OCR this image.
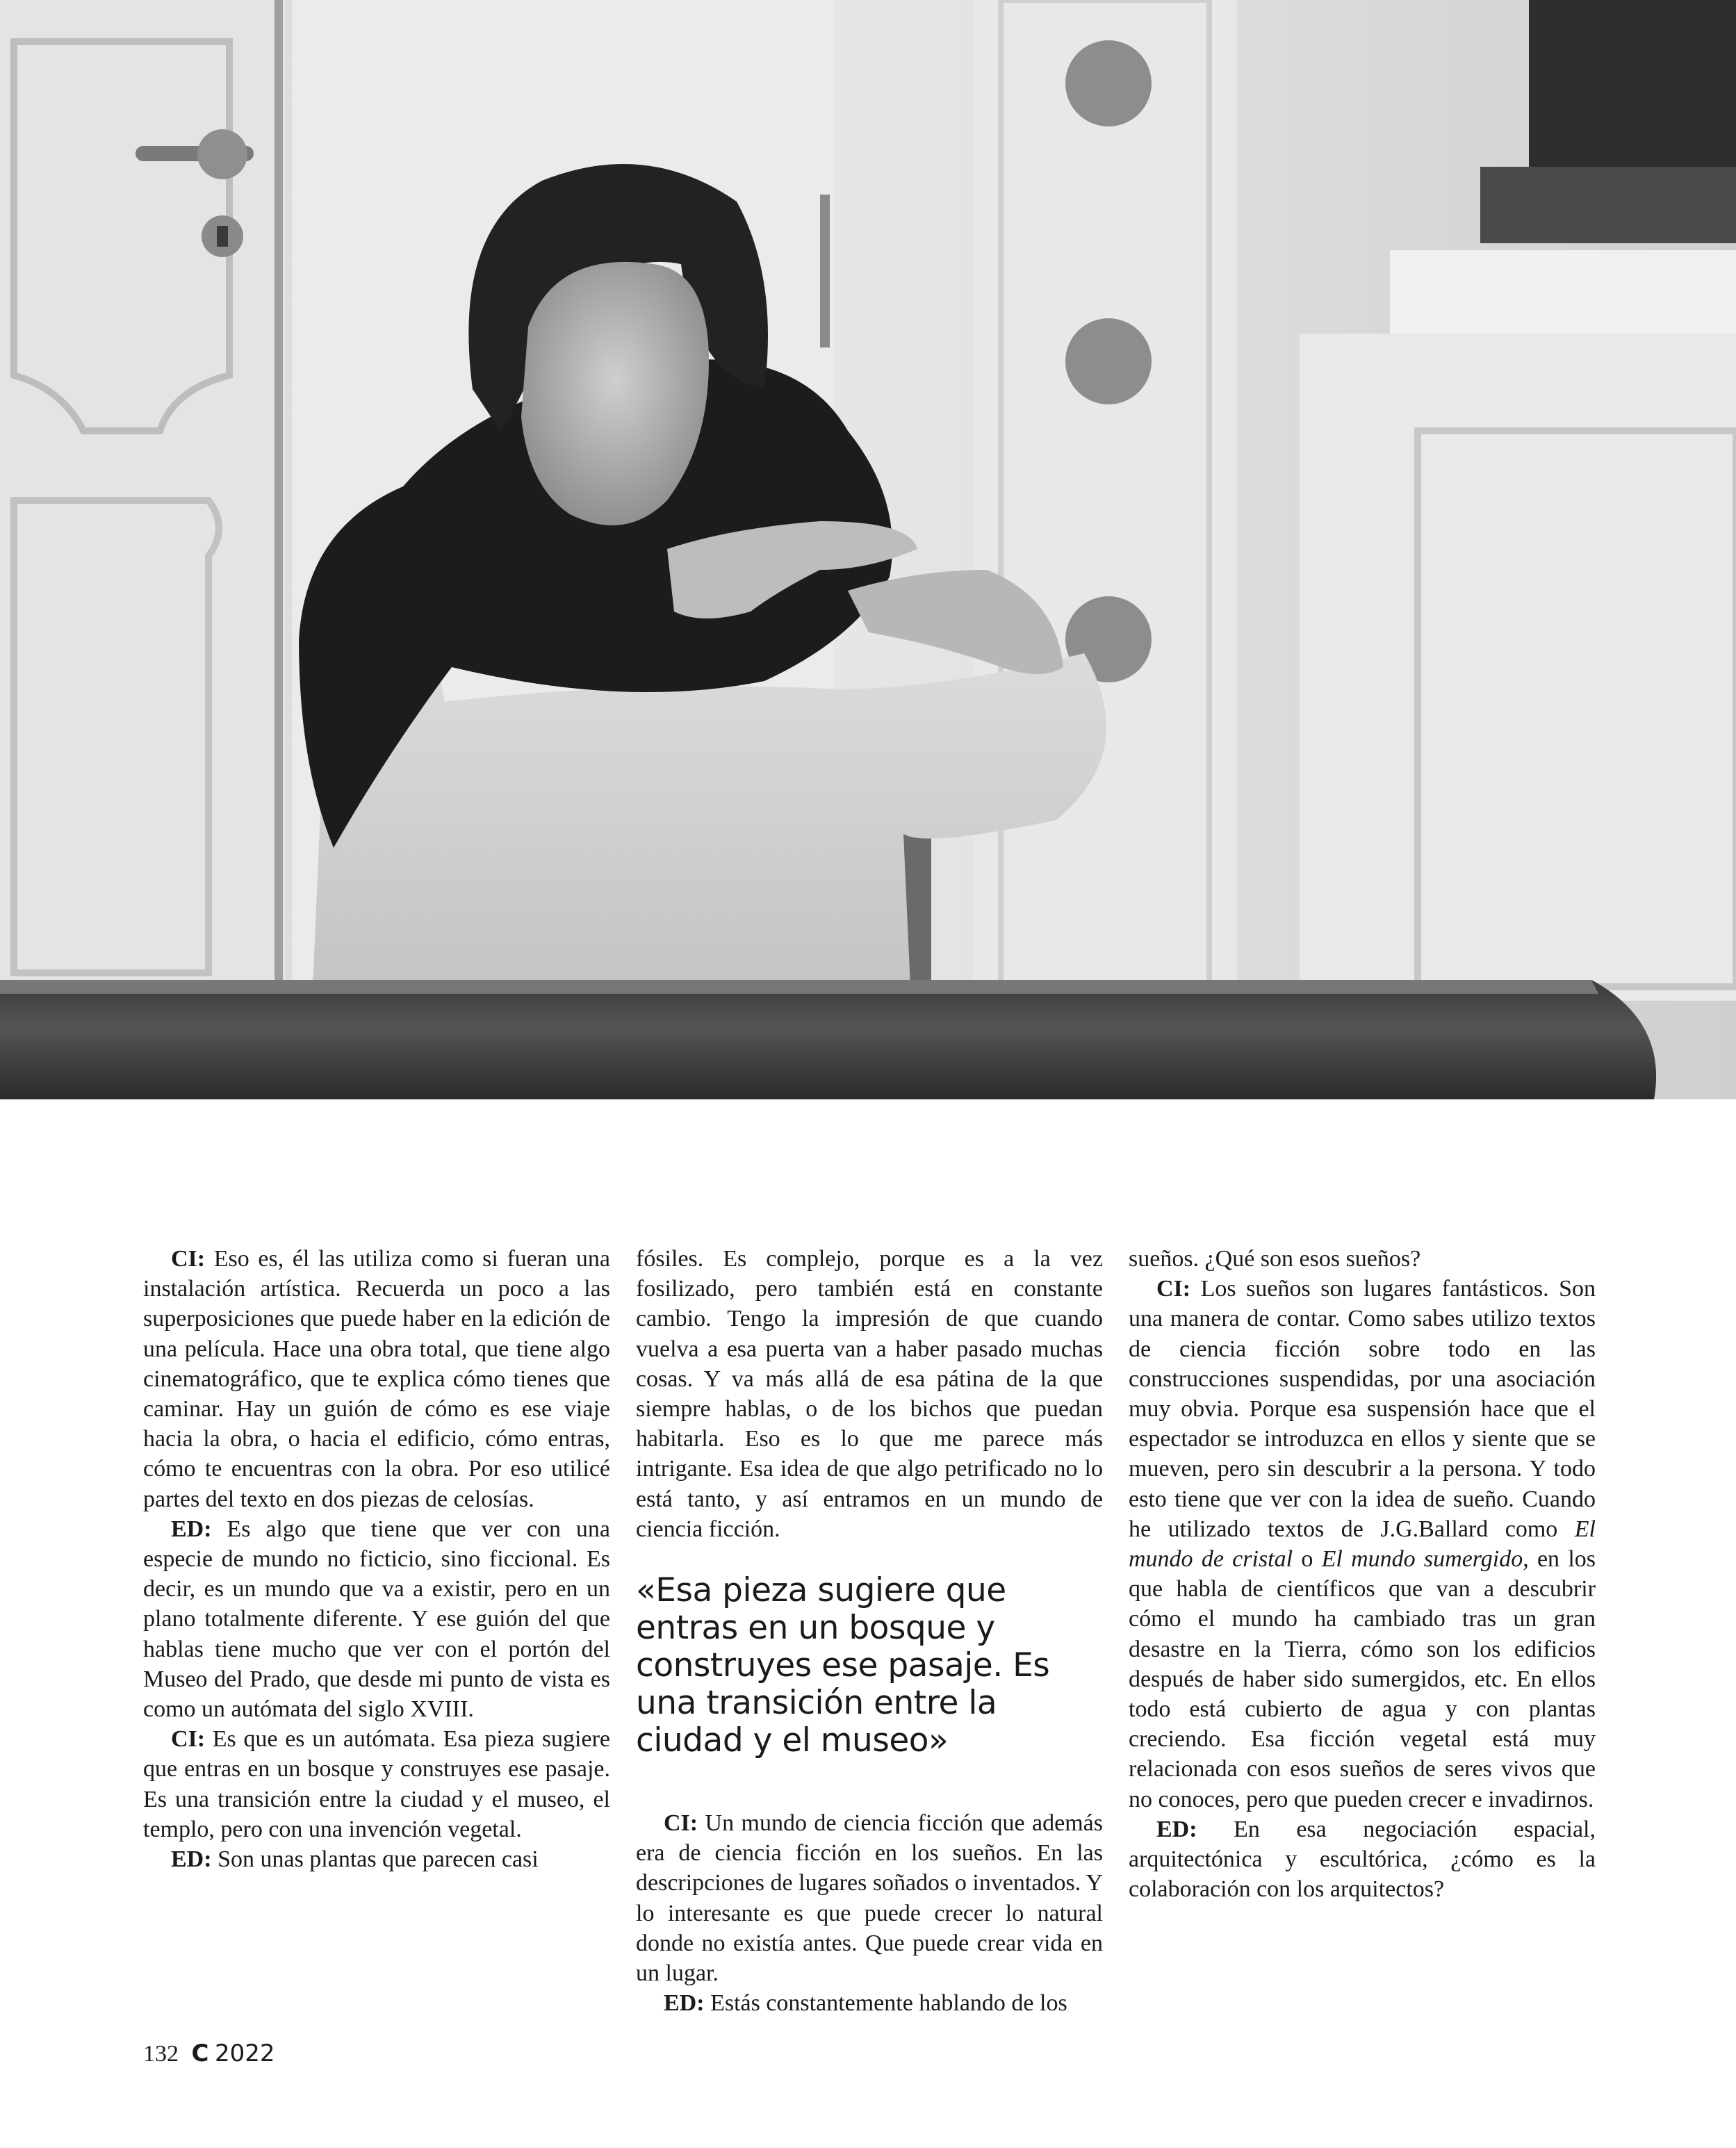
CI: Eso es, él las utiliza como si fueran una instalación artística. Recuerda un poco a las superposiciones que puede haber en la edición de una película. Hace una obra total, que tiene algo cinematográfico, que te explica cómo tienes que caminar. Hay un guión de cómo es ese viaje hacia la obra, o hacia el edificio, cómo entras, cómo te encuentras con la obra. Por eso utilicé partes del texto en dos piezas de celosías.

ED: Es algo que tiene que ver con una especie de mundo no ficticio, sino ficcional. Es decir, es un mundo que va a existir, pero en un plano totalmente diferente. Y ese guión del que hablas tiene mucho que ver con el portón del Museo del Prado, que desde mi punto de vista es como un autómata del siglo XVIII.

CI: Es que es un autómata. Esa pieza sugiere que entras en un bosque y construyes ese pasaje. Es una transición entre la ciudad y el museo, el templo, pero con una invención vegetal.

ED: Son unas plantas que parecen casi

fósiles. Es complejo, porque es a la vez fosilizado, pero también está en constante cambio. Tengo la impresión de que cuando vuelva a esa puerta van a haber pasado muchas cosas. Y va más allá de esa pátina de la que siempre hablas, o de los bichos que puedan habitarla. Eso es lo que me parece más intrigante. Esa idea de que algo petrificado no lo está tanto, y así entramos en un mundo de ciencia ficción.

«Esa pieza sugiere que entras en un bosque y construyes ese pasaje. Es una transición entre la ciudad y el museo»

CI: Un mundo de ciencia ficción que además era de ciencia ficción en los sueños. En las descripciones de lugares soñados o inventados. Y lo interesante es que puede crecer lo natural donde no existía antes. Que puede crear vida en un lugar.

ED: Estás constantemente hablando de los

sueños. ¿Qué son esos sueños?

CI: Los sueños son lugares fantásticos. Son una manera de contar. Como sabes utilizo textos de ciencia ficción sobre todo en las construcciones suspendidas, por una asociación muy obvia. Porque esa suspensión hace que el espectador se introduzca en ellos y siente que se mueven, pero sin descubrir a la persona. Y todo esto tiene que ver con la idea de sueño. Cuando he utilizado textos de J.G.Ballard como El mundo de cristal o El mundo sumergido, en los que habla de científicos que van a descubrir cómo el mundo ha cambiado tras un gran desastre en la Tierra, cómo son los edificios después de haber sido sumergidos, etc. En ellos todo está cubierto de agua y con plantas creciendo. Esa ficción vegetal está muy relacionada con esos sueños de seres vivos que no conoces, pero que pueden crecer e invadirnos.

ED: En esa negociación espacial, arquitectónica y escultórica, ¿cómo es la colaboración con los arquitectos?

132 C 2022
